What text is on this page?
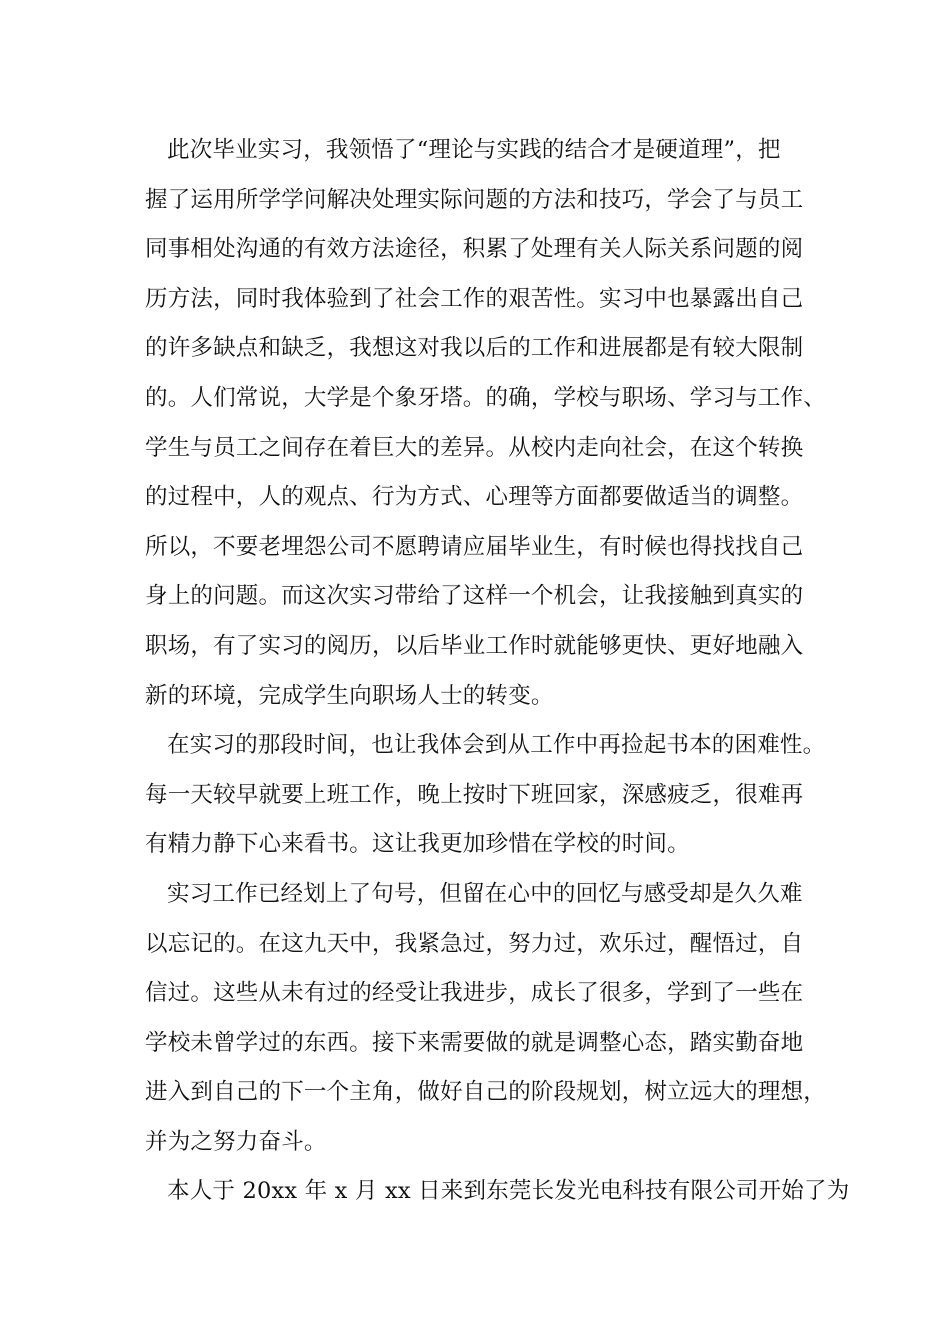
此次毕业实习，我领悟了“理论与实践的结合才是硬道理”，把
握了运用所学学问解决处理实际问题的方法和技巧，学会了与员工
同事相处沟通的有效方法途径，积累了处理有关人际关系问题的阅
历方法，同时我体验到了社会工作的艰苦性。实习中也暴露出自己
的许多缺点和缺乏，我想这对我以后的工作和进展都是有较大限制
的。人们常说，大学是个象牙塔。的确，学校与职场、学习与工作、
学生与员工之间存在着巨大的差异。从校内走向社会，在这个转换
的过程中，人的观点、行为方式、心理等方面都要做适当的调整。
所以，不要老埋怨公司不愿聘请应届毕业生，有时候也得找找自己
身上的问题。而这次实习带给了这样一个机会，让我接触到真实的
职场，有了实习的阅历，以后毕业工作时就能够更快、更好地融入
新的环境，完成学生向职场人士的转变。
在实习的那段时间，也让我体会到从工作中再捡起书本的困难性。
每一天较早就要上班工作，晚上按时下班回家，深感疲乏，很难再
有精力静下心来看书。这让我更加珍惜在学校的时间。
实习工作已经划上了句号，但留在心中的回忆与感受却是久久难
以忘记的。在这九天中，我紧急过，努力过，欢乐过，醒悟过，自
信过。这些从未有过的经受让我进步，成长了很多，学到了一些在
学校未曾学过的东西。接下来需要做的就是调整心态，踏实勤奋地
进入到自己的下一个主角，做好自己的阶段规划，树立远大的理想，
并为之努力奋斗。
本人于 20xx 年 x 月 xx 日来到东莞长发光电科技有限公司开始了为
